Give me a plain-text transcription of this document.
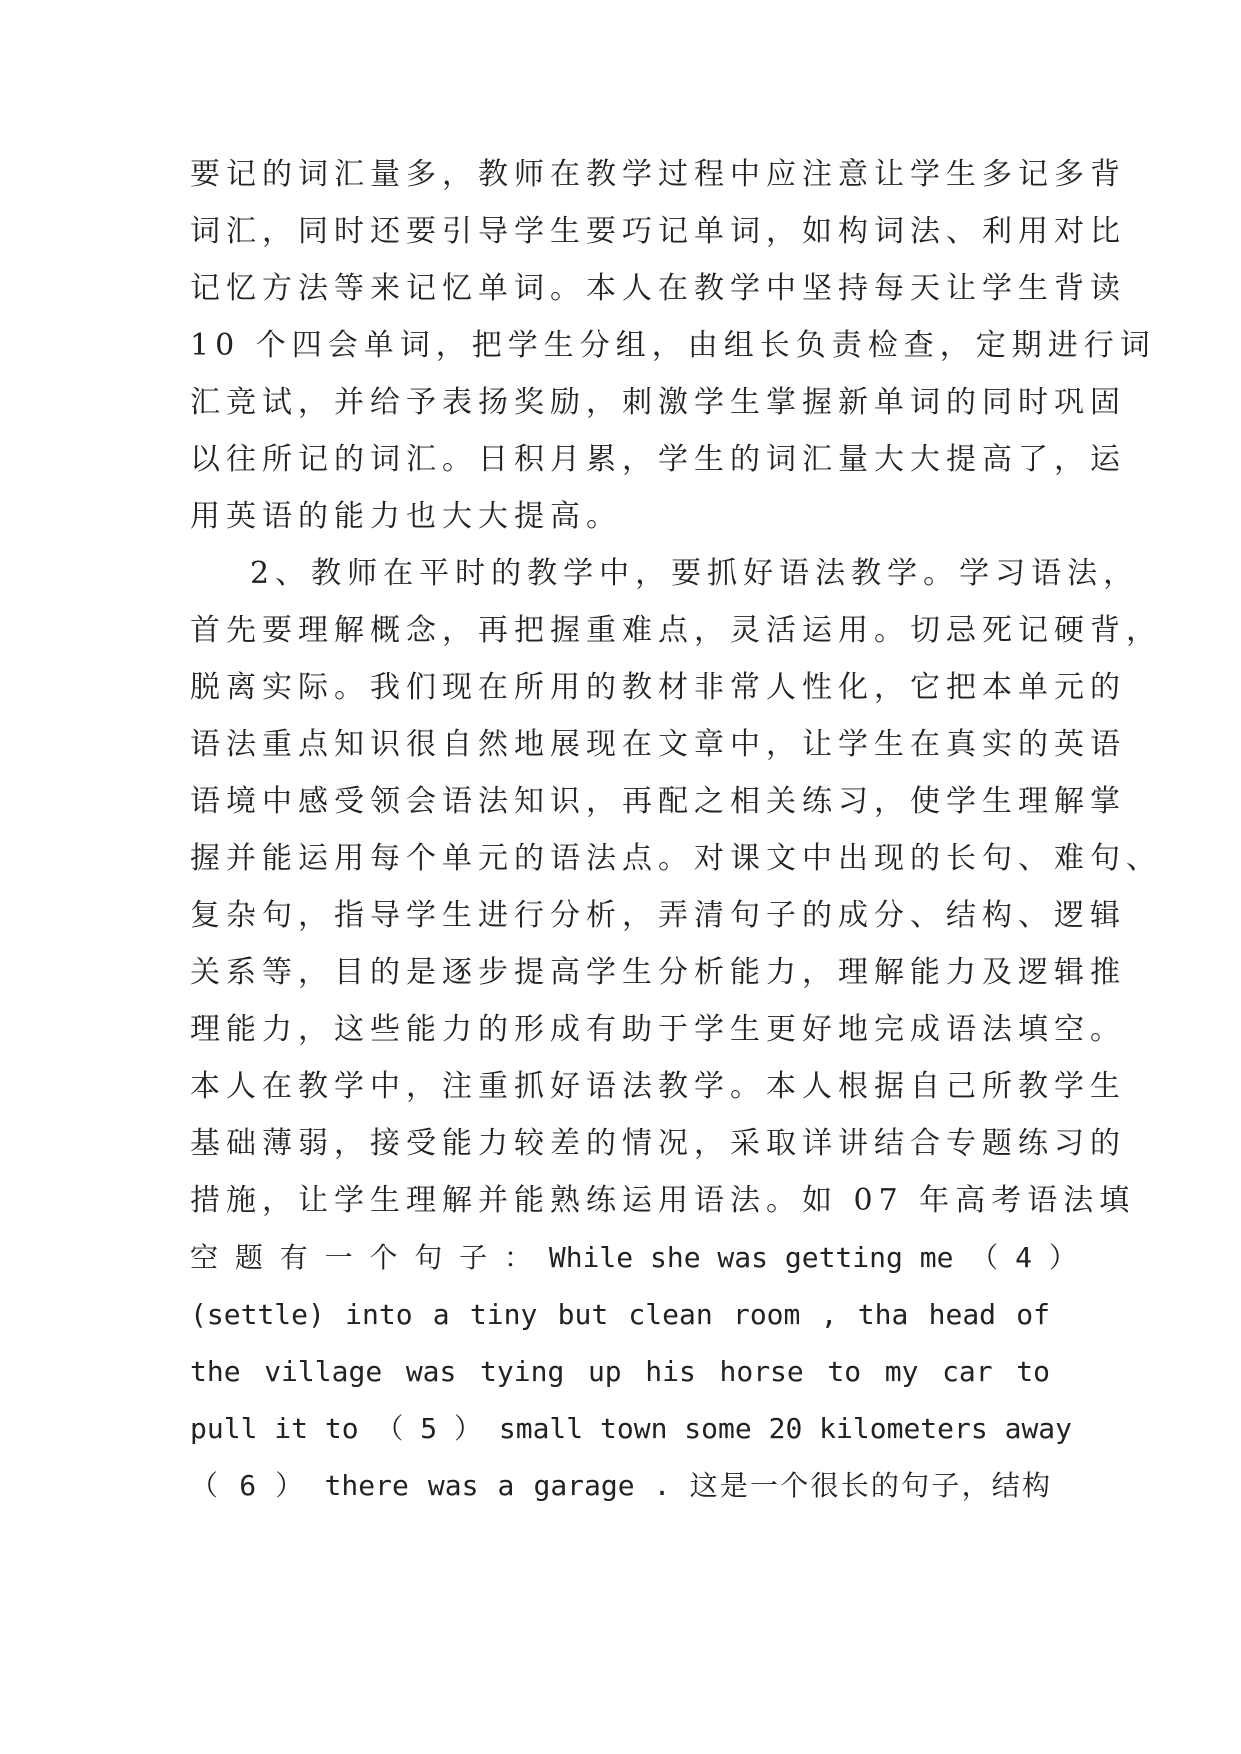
要记的词汇量多，教师在教学过程中应注意让学生多记多背
词汇，同时还要引导学生要巧记单词，如构词法、利用对比
记忆方法等来记忆单词。本人在教学中坚持每天让学生背读
10 个四会单词，把学生分组，由组长负责检查，定期进行词
汇竞试，并给予表扬奖励，刺激学生掌握新单词的同时巩固
以往所记的词汇。日积月累，学生的词汇量大大提高了，运
用英语的能力也大大提高。
2、教师在平时的教学中，要抓好语法教学。学习语法，
首先要理解概念，再把握重难点，灵活运用。切忌死记硬背，
脱离实际。我们现在所用的教材非常人性化，它把本单元的
语法重点知识很自然地展现在文章中，让学生在真实的英语
语境中感受领会语法知识，再配之相关练习，使学生理解掌
握并能运用每个单元的语法点。对课文中出现的长句、难句、
复杂句，指导学生进行分析，弄清句子的成分、结构、逻辑
关系等，目的是逐步提高学生分析能力，理解能力及逻辑推
理能力，这些能力的形成有助于学生更好地完成语法填空。
本人在教学中，注重抓好语法教学。本人根据自己所教学生
基础薄弱，接受能力较差的情况，采取详讲结合专题练习的
措施，让学生理解并能熟练运用语法。如 07 年高考语法填
空 题 有 一 个 句 子 ： While she was getting me （ 4 ）
(settle) into a tiny but clean room , tha head of
the village was tying up his horse to my car to
pull it to （ 5 ） small town some 20 kilometers away
（ 6 ） there was a garage . 这是一个很长的句子，结构
